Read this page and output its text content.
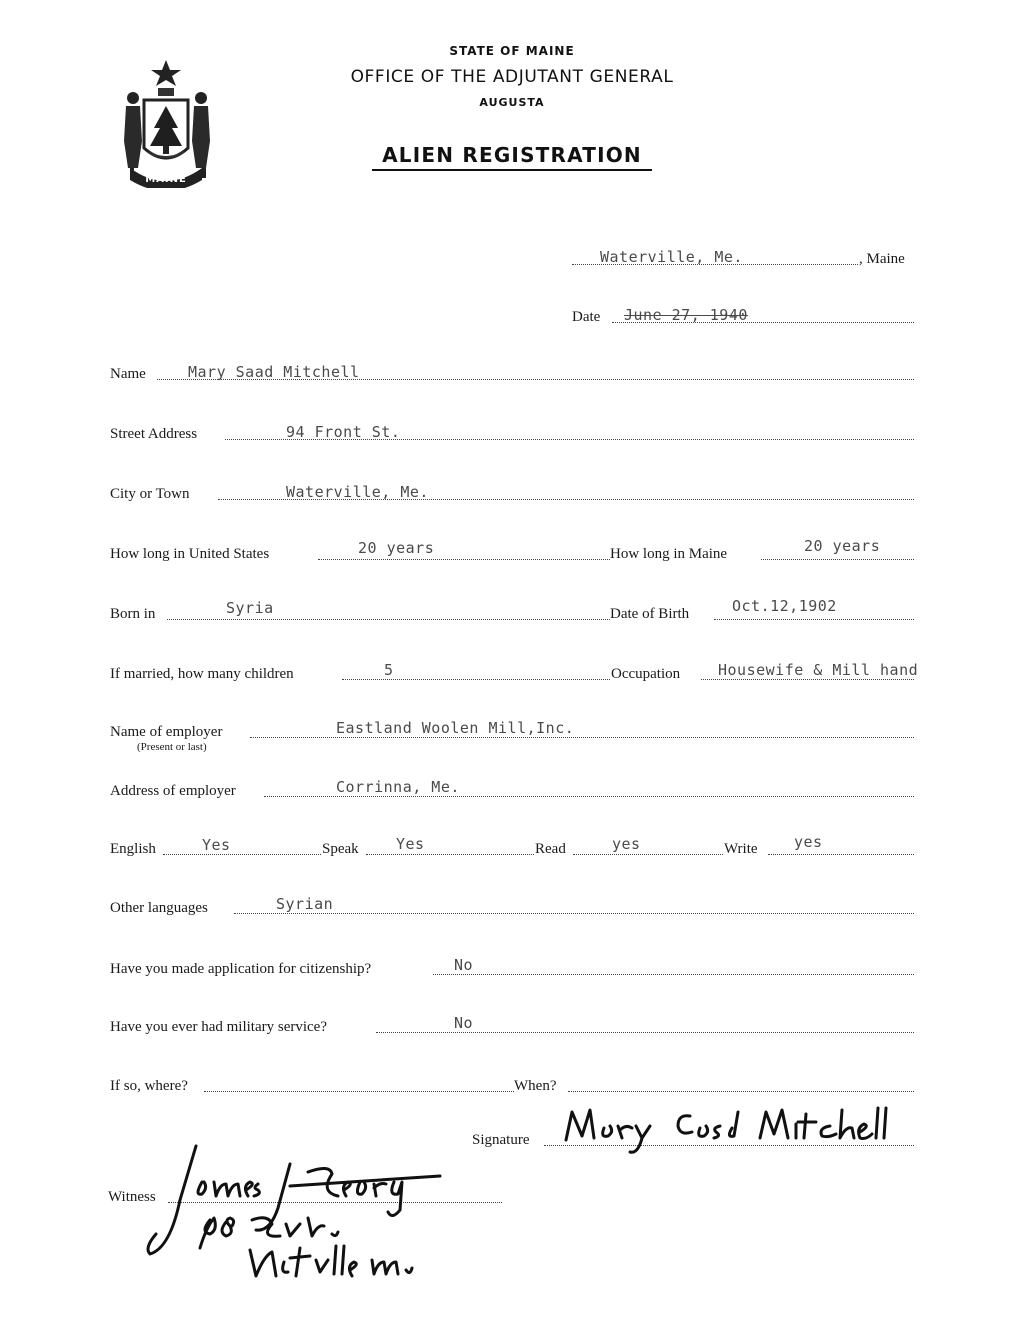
MAINE
STATE OF MAINE
OFFICE OF THE ADJUTANT GENERAL
AUGUSTA
ALIEN REGISTRATION
Waterville, Me.	, Maine
Date June 27, 1940
Name	Mary Saad Mitchell
Street Address	94 Front St.
City or Town	Waterville, Me.
How long in United States	20 years	How long in Maine	20 years
Born in	Syria	Date of Birth	Oct.12,1902
If married, how many children	5	Occupation	Housewife & Mill hand
Name of employer	Eastland Woolen Mill,Inc.
(Present or last)
Address of employer	Corrinna, Me.
English	Yes	Speak Yes	Read	yes	Write yes
Other languages	Syrian
Have you made application for citizenship?	No
Have you ever had military service?	No
If so, where?	When?
Signature
Witness
